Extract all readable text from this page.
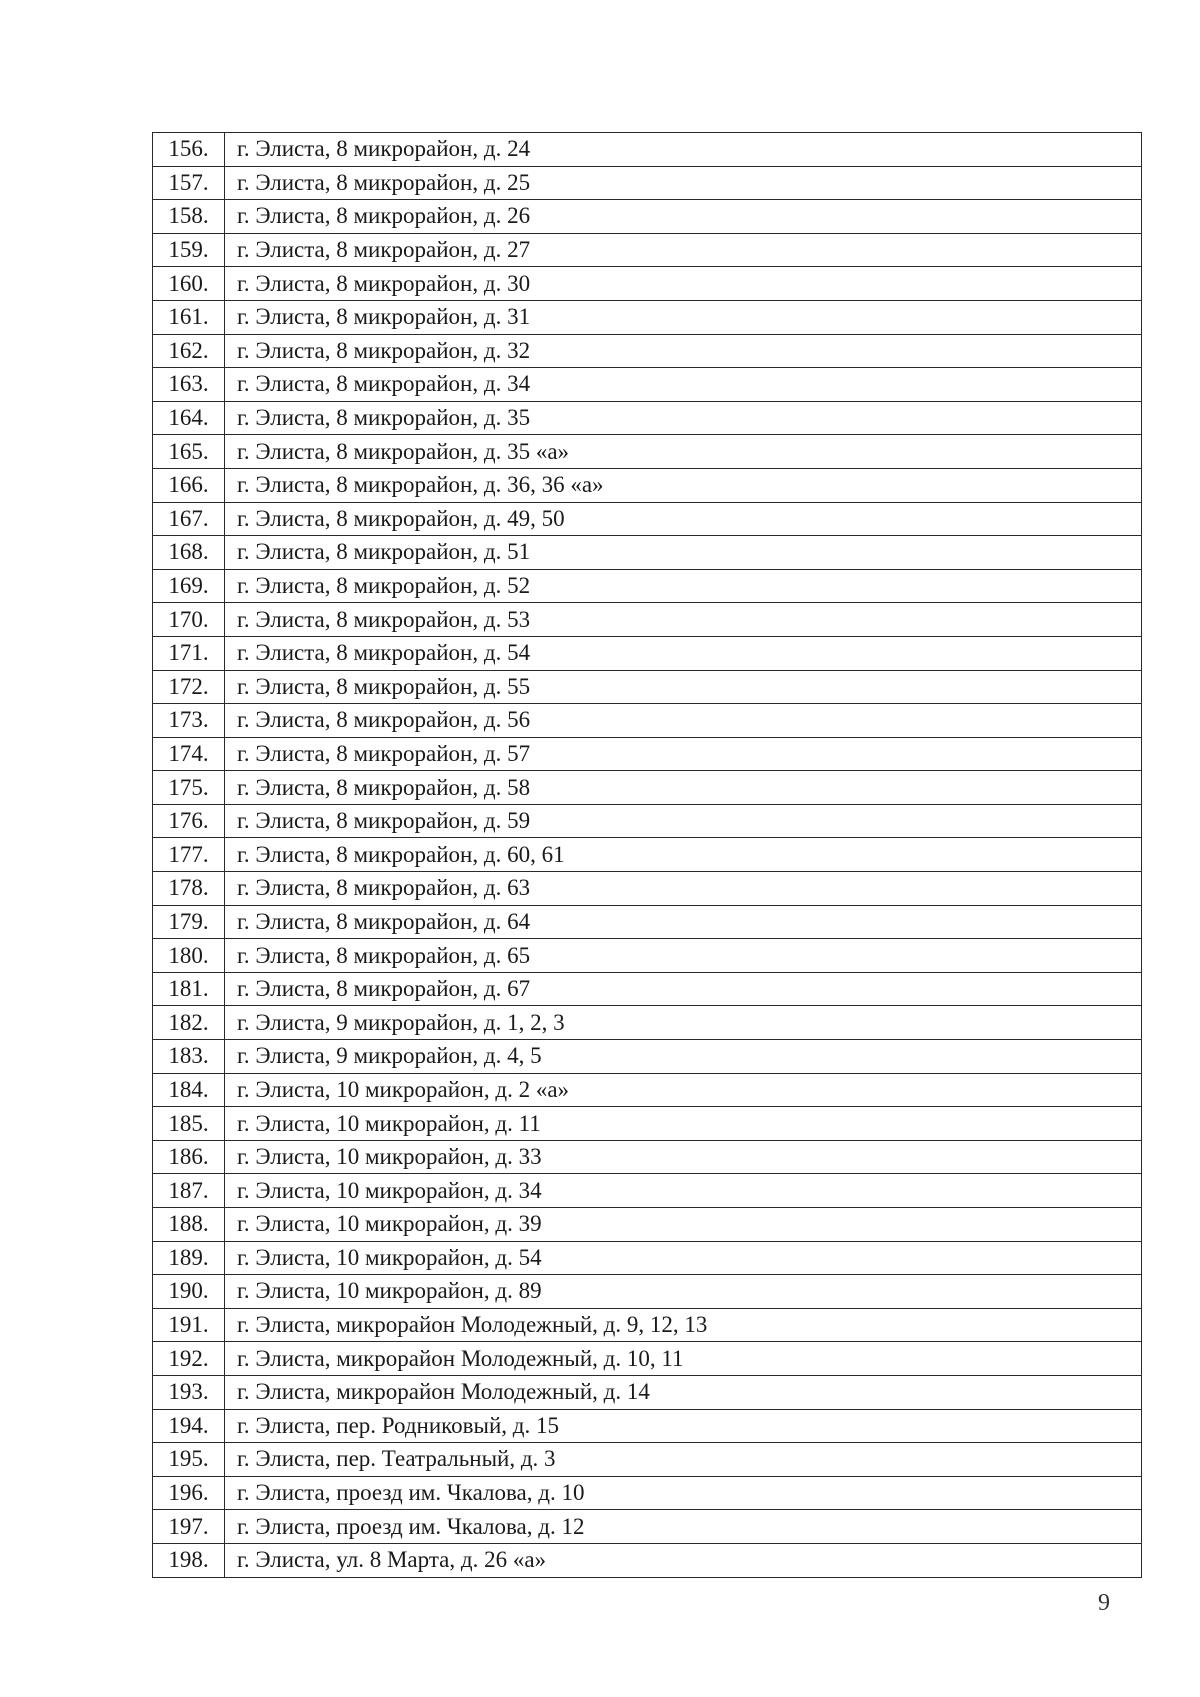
156.	г. Элиста, 8 микрорайон, д. 24
157.	г. Элиста, 8 микрорайон, д. 25
158.	г. Элиста, 8 микрорайон, д. 26
159.	г. Элиста, 8 микрорайон, д. 27
160.	г. Элиста, 8 микрорайон, д. 30
161.	г. Элиста, 8 микрорайон, д. 31
162.	г. Элиста, 8 микрорайон, д. 32
163.	г. Элиста, 8 микрорайон, д. 34
164.	г. Элиста, 8 микрорайон, д. 35
165.	г. Элиста, 8 микрорайон, д. 35 «а»
166.	г. Элиста, 8 микрорайон, д. 36, 36 «а»
167.	г. Элиста, 8 микрорайон, д. 49, 50
168.	г. Элиста, 8 микрорайон, д. 51
169.	г. Элиста, 8 микрорайон, д. 52
170.	г. Элиста, 8 микрорайон, д. 53
171.	г. Элиста, 8 микрорайон, д. 54
172.	г. Элиста, 8 микрорайон, д. 55
173.	г. Элиста, 8 микрорайон, д. 56
174.	г. Элиста, 8 микрорайон, д. 57
175.	г. Элиста, 8 микрорайон, д. 58
176.	г. Элиста, 8 микрорайон, д. 59
177.	г. Элиста, 8 микрорайон, д. 60, 61
178.	г. Элиста, 8 микрорайон, д. 63
179.	г. Элиста, 8 микрорайон, д. 64
180.	г. Элиста, 8 микрорайон, д. 65
181.	г. Элиста, 8 микрорайон, д. 67
182.	г. Элиста, 9 микрорайон, д. 1, 2, 3
183.	г. Элиста, 9 микрорайон, д. 4, 5
184.	г. Элиста, 10 микрорайон, д. 2 «а»
185.	г. Элиста, 10 микрорайон, д. 11
186.	г. Элиста, 10 микрорайон, д. 33
187.	г. Элиста, 10 микрорайон, д. 34
188.	г. Элиста, 10 микрорайон, д. 39
189.	г. Элиста, 10 микрорайон, д. 54
190.	г. Элиста, 10 микрорайон, д. 89
191.	г. Элиста, микрорайон Молодежный, д. 9, 12, 13
192.	г. Элиста, микрорайон Молодежный, д. 10, 11
193.	г. Элиста, микрорайон Молодежный, д. 14
194.	г. Элиста, пер. Родниковый, д. 15
195.	г. Элиста, пер. Театральный, д. 3
196.	г. Элиста, проезд им. Чкалова, д. 10
197.	г. Элиста, проезд им. Чкалова, д. 12
198.	г. Элиста, ул. 8 Марта, д. 26 «а»
9
